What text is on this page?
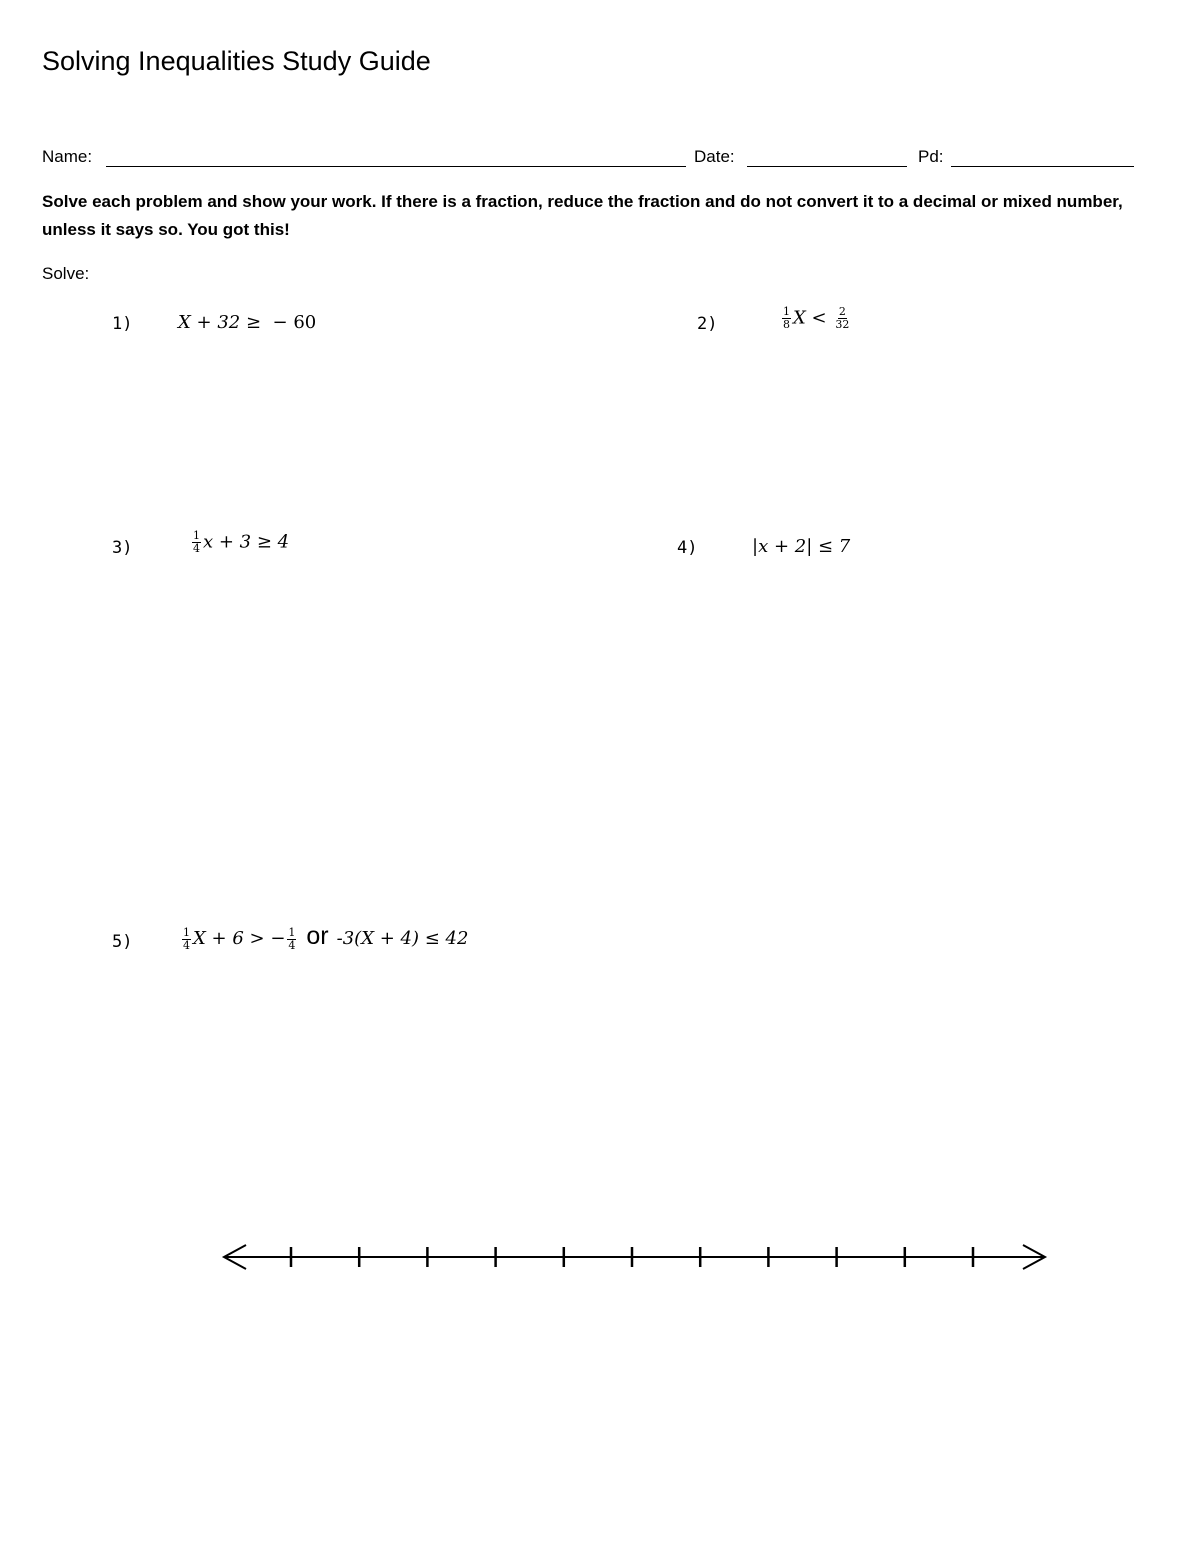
Solving Inequalities Study Guide
Name:	Date:	Pd:
Solve each problem and show your work. If there is a fraction, reduce the fraction and do not convert it to a decimal or mixed number, unless it says so. You got this!
Solve:
1)	X + 32 ≥ − 60	2)	$\frac{1}{8}$ $X < \frac{2}{32}$
3)	$\frac{1}{4}$ x + 3 ≥ 4	4)	|x + 2| ≤ 7
5)	$\frac{1}{4}$ X + 6 > − $\frac{1}{4}$ or -3(X + 4) ≤ 42
